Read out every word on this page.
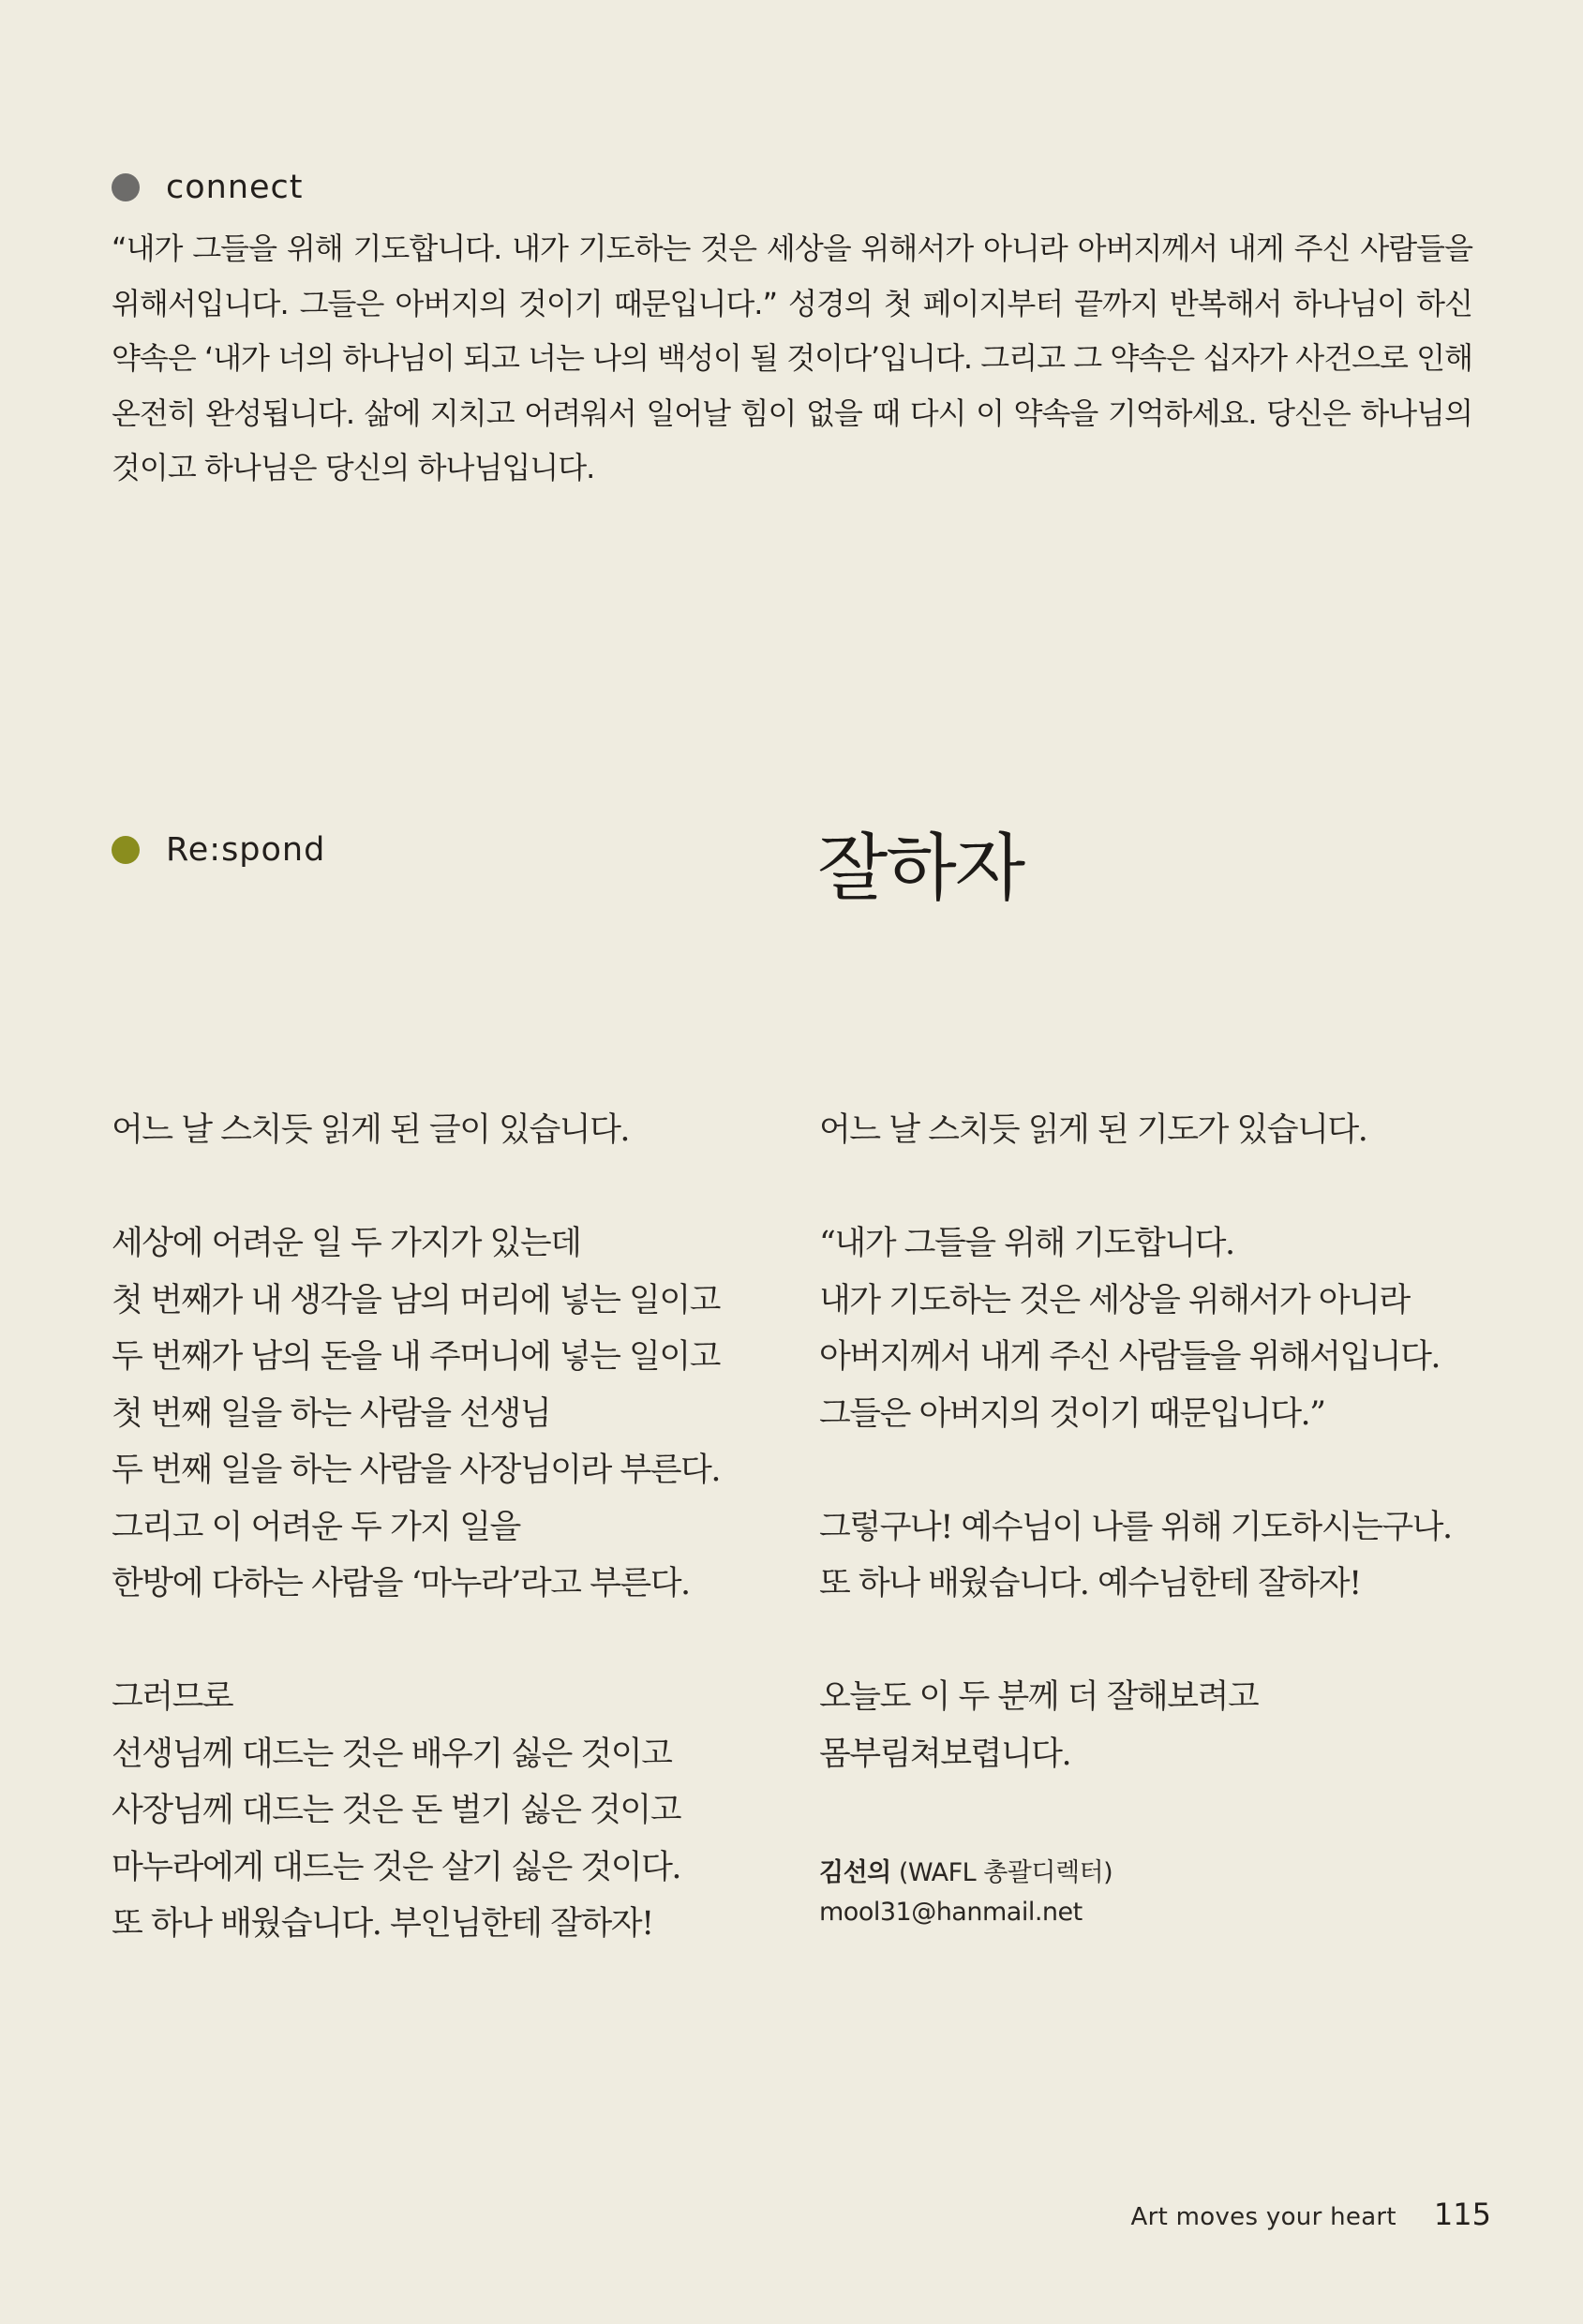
connect

“내가 그들을 위해 기도합니다. 내가 기도하는 것은 세상을 위해서가 아니라 아버지께서 내게 주신 사람들을 위해서입니다. 그들은 아버지의 것이기 때문입니다.” 성경의 첫 페이지부터 끝까지 반복해서 하나님이 하신 약속은 ‘내가 너의 하나님이 되고 너는 나의 백성이 될 것이다’입니다. 그리고 그 약속은 십자가 사건으로 인해 온전히 완성됩니다. 삶에 지치고 어려워서 일어날 힘이 없을 때 다시 이 약속을 기억하세요. 당신은 하나님의 것이고 하나님은 당신의 하나님입니다.

Re:spond	잘하자
어느 날 스치듯 읽게 된 글이 있습니다.
세상에 어려운 일 두 가지가 있는데
첫 번째가 내 생각을 남의 머리에 넣는 일이고
두 번째가 남의 돈을 내 주머니에 넣는 일이고
첫 번째 일을 하는 사람을 선생님
두 번째 일을 하는 사람을 사장님이라 부른다.
그리고 이 어려운 두 가지 일을
한방에 다하는 사람을 ‘마누라’라고 부른다.
그러므로
선생님께 대드는 것은 배우기 싫은 것이고
사장님께 대드는 것은 돈 벌기 싫은 것이고
마누라에게 대드는 것은 살기 싫은 것이다.
또 하나 배웠습니다. 부인님한테 잘하자!
어느 날 스치듯 읽게 된 기도가 있습니다.
“내가 그들을 위해 기도합니다.
내가 기도하는 것은 세상을 위해서가 아니라
아버지께서 내게 주신 사람들을 위해서입니다.
그들은 아버지의 것이기 때문입니다.”
그렇구나! 예수님이 나를 위해 기도하시는구나.
또 하나 배웠습니다. 예수님한테 잘하자!
오늘도 이 두 분께 더 잘해보려고
몸부림쳐보렵니다.
김선의 (WAFL 총괄디렉터)
mool31@hanmail.net
Art moves your heart 115
